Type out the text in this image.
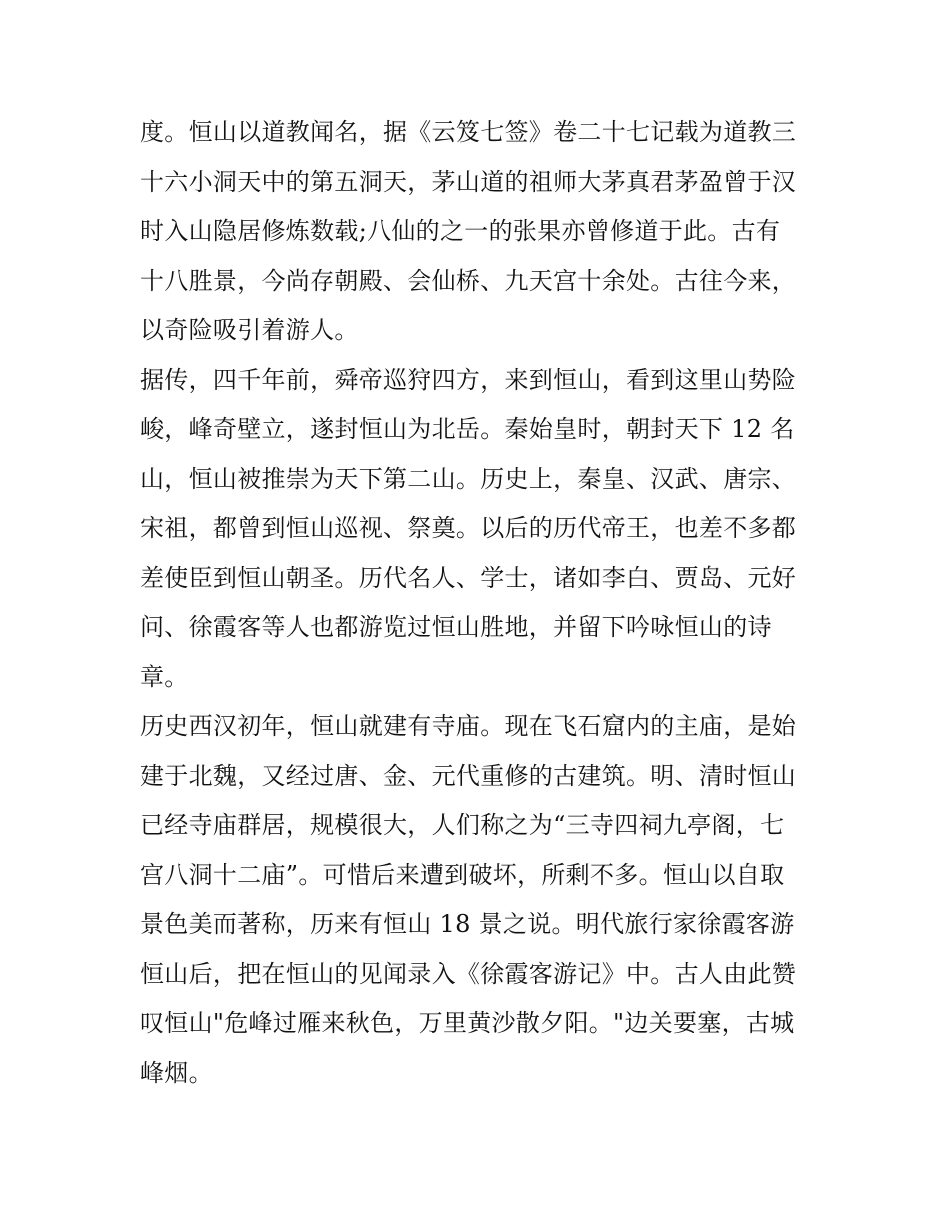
度。恒山以道教闻名，据《云笈七签》卷二十七记载为道教三
十六小洞天中的第五洞天，茅山道的祖师大茅真君茅盈曾于汉
时入山隐居修炼数载;八仙的之一的张果亦曾修道于此。古有
十八胜景，今尚存朝殿、会仙桥、九天宫十余处。古往今来，
以奇险吸引着游人。
据传，四千年前，舜帝巡狩四方，来到恒山，看到这里山势险
峻，峰奇壁立，遂封恒山为北岳。秦始皇时，朝封天下 12 名
山，恒山被推崇为天下第二山。历史上，秦皇、汉武、唐宗、
宋祖，都曾到恒山巡视、祭奠。以后的历代帝王，也差不多都
差使臣到恒山朝圣。历代名人、学士，诸如李白、贾岛、元好
问、徐霞客等人也都游览过恒山胜地，并留下吟咏恒山的诗
章。
历史西汉初年，恒山就建有寺庙。现在飞石窟内的主庙，是始
建于北魏，又经过唐、金、元代重修的古建筑。明、清时恒山
已经寺庙群居，规模很大，人们称之为“三寺四祠九亭阁，七
宫八洞十二庙”。可惜后来遭到破坏，所剩不多。恒山以自取
景色美而著称，历来有恒山 18 景之说。明代旅行家徐霞客游
恒山后，把在恒山的见闻录入《徐霞客游记》中。古人由此赞
叹恒山"危峰过雁来秋色，万里黄沙散夕阳。"边关要塞，古城
峰烟。
